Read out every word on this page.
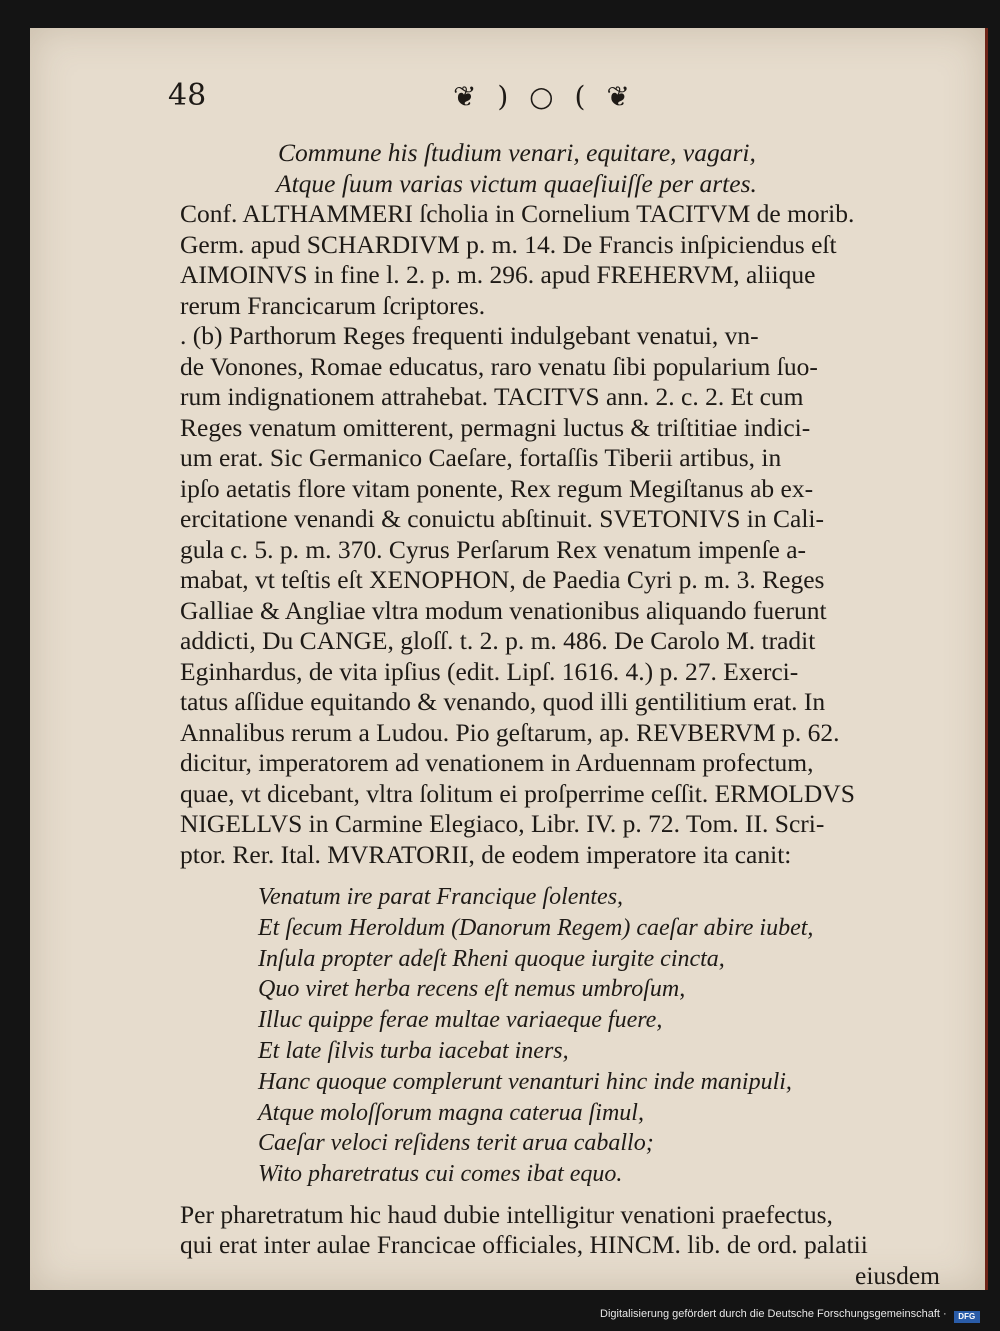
48	❦ ) ○ ( ❦
Commune his ſtudium venari, equitare, vagari,
Atque ſuum varias victum quaeſiuiſſe per artes.
Conf. ALTHAMMERI ſcholia in Cornelium TACITVM de morib.
Germ. apud SCHARDIVM p. m. 14. De Francis inſpiciendus eſt
AIMOINVS in fine l. 2. p. m. 296. apud FREHERVM, aliique
rerum Francicarum ſcriptores.
. (b) Parthorum Reges frequenti indulgebant venatui, vn-
de Vonones, Romae educatus, raro venatu ſibi popularium ſuo-
rum indignationem attrahebat. TACITVS ann. 2. c. 2. Et cum
Reges venatum omitterent, permagni luctus & triſtitiae indici-
um erat. Sic Germanico Caeſare, fortaſſis Tiberii artibus, in
ipſo aetatis flore vitam ponente, Rex regum Megiſtanus ab ex-
ercitatione venandi & conuictu abſtinuit. SVETONIVS in Cali-
gula c. 5. p. m. 370. Cyrus Perſarum Rex venatum impenſe a-
mabat, vt teſtis eſt XENOPHON, de Paedia Cyri p. m. 3. Reges
Galliae & Angliae vltra modum venationibus aliquando fuerunt
addicti, Du CANGE, gloſſ. t. 2. p. m. 486. De Carolo M. tradit
Eginhardus, de vita ipſius (edit. Lipſ. 1616. 4.) p. 27. Exerci-
tatus aſſidue equitando & venando, quod illi gentilitium erat. In
Annalibus rerum a Ludou. Pio geſtarum, ap. REVBERVM p. 62.
dicitur, imperatorem ad venationem in Arduennam profectum,
quae, vt dicebant, vltra ſolitum ei proſperrime ceſſit. ERMOLDVS
NIGELLVS in Carmine Elegiaco, Libr. IV. p. 72. Tom. II. Scri-
ptor. Rer. Ital. MVRATORII, de eodem imperatore ita canit:
Venatum ire parat Francique ſolentes,
Et ſecum Heroldum (Danorum Regem) caeſar abire iubet,
Inſula propter adeſt Rheni quoque iurgite cincta,
Quo viret herba recens eſt nemus umbroſum,
Illuc quippe ferae multae variaeque fuere,
Et late ſilvis turba iacebat iners,
Hanc quoque complerunt venanturi hinc inde manipuli,
Atque moloſſorum magna caterua ſimul,
Caeſar veloci reſidens terit arua caballo;
Wito pharetratus cui comes ibat equo.
Per pharetratum hic haud dubie intelligitur venationi praefectus,
qui erat inter aulae Francicae officiales, HINCM. lib. de ord. palatii
eiusdem
Digitalisierung gefördert durch die Deutsche Forschungsgemeinschaft · DFG
